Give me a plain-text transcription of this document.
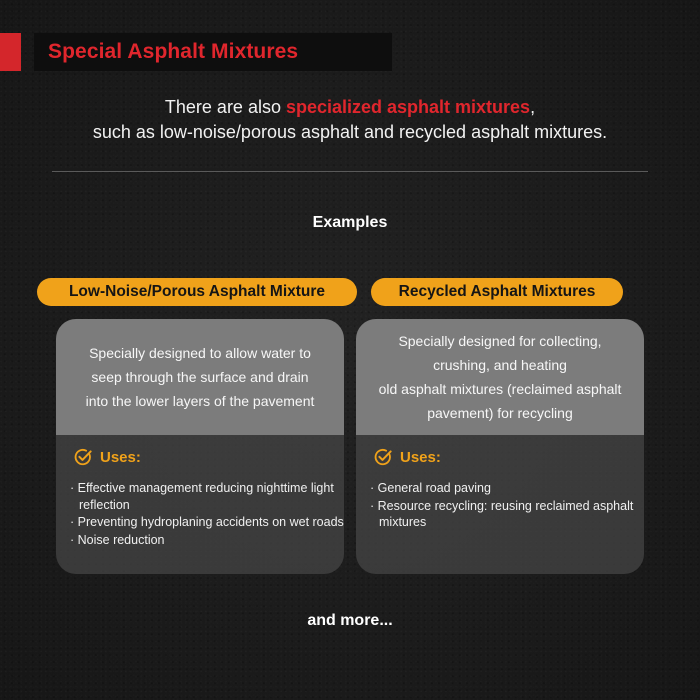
Special Asphalt Mixtures
There are also specialized asphalt mixtures,
such as low-noise/porous asphalt and recycled asphalt mixtures.
Examples
Low-Noise/Porous Asphalt Mixture	Recycled Asphalt Mixtures
Specially designed to allow water to
seep through the surface and drain
into the lower layers of the pavement
Uses:
· Effective management reducing nighttime light reflection
· Preventing hydroplaning accidents on wet roads
· Noise reduction
Specially designed for collecting,
crushing, and heating
old asphalt mixtures (reclaimed asphalt
pavement) for recycling
Uses:
· General road paving
· Resource recycling: reusing reclaimed asphalt mixtures
and more...
